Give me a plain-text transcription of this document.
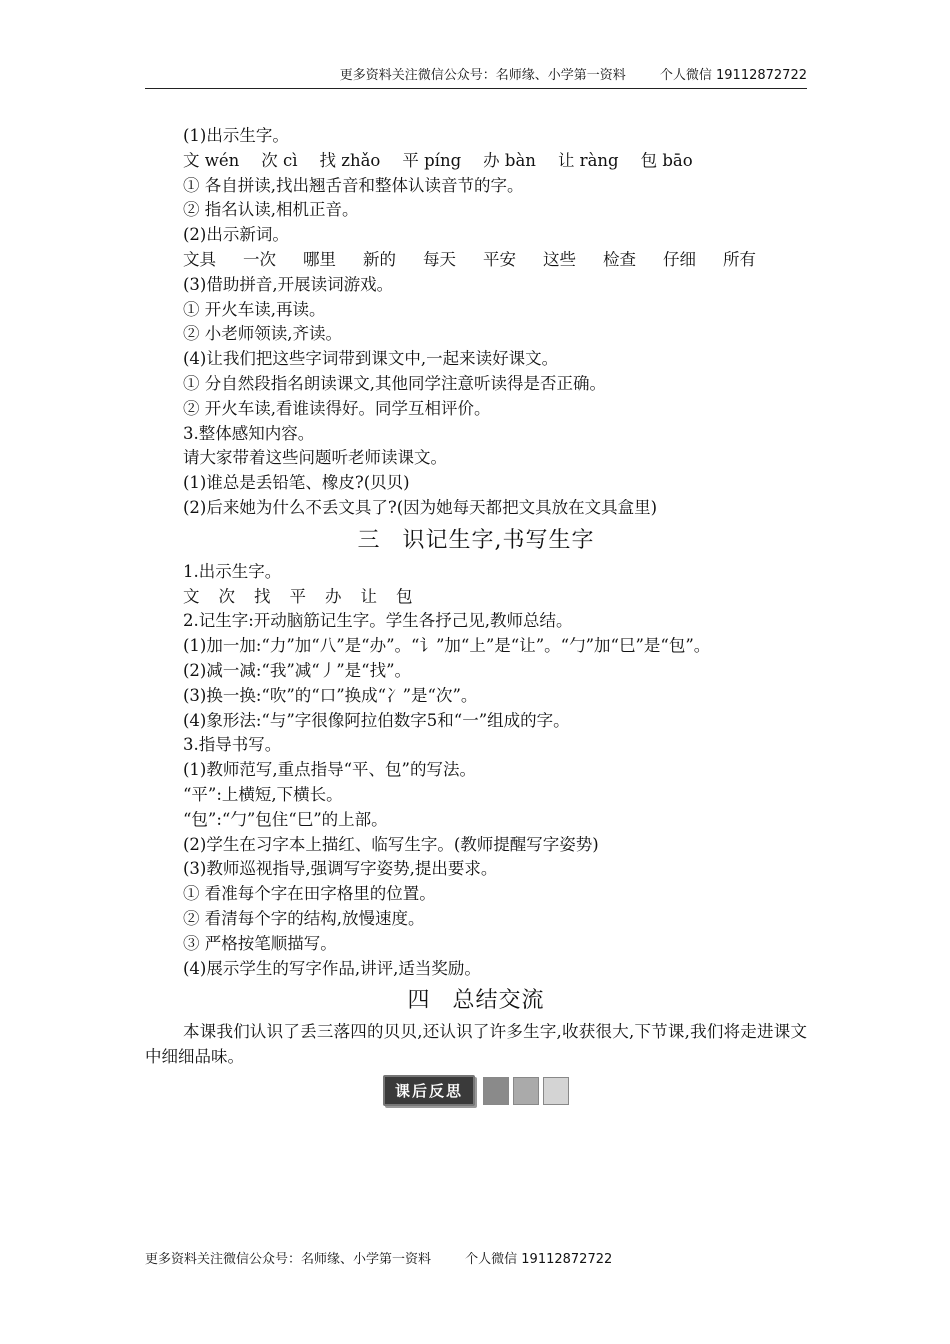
更多资料关注微信公众号：名师缘、小学第一资料	个人微信 19112872722
(1)出示生字。
文 wén 次 cì 找 zhǎo 平 píng 办 bàn 让 ràng 包 bāo
① 各自拼读,找出翘舌音和整体认读音节的字。
② 指名认读,相机正音。
(2)出示新词。
文具 一次 哪里 新的 每天 平安 这些 检查 仔细 所有
(3)借助拼音,开展读词游戏。
① 开火车读,再读。
② 小老师领读,齐读。
(4)让我们把这些字词带到课文中,一起来读好课文。
① 分自然段指名朗读课文,其他同学注意听读得是否正确。
② 开火车读,看谁读得好。同学互相评价。
3.整体感知内容。
请大家带着这些问题听老师读课文。
(1)谁总是丢铅笔、橡皮?(贝贝)
(2)后来她为什么不丢文具了?(因为她每天都把文具放在文具盒里)
三 识记生字,书写生字
1.出示生字。
文 次 找 平 办 让 包
2.记生字:开动脑筋记生字。学生各抒己见,教师总结。
(1)加一加:“力”加“八”是“办”。“讠”加“上”是“让”。“勹”加“巳”是“包”。
(2)减一减:“我”减“丿”是“找”。
(3)换一换:“吹”的“口”换成“冫”是“次”。
(4)象形法:“与”字很像阿拉伯数字5和“一”组成的字。
3.指导书写。
(1)教师范写,重点指导“平、包”的写法。
“平”:上横短,下横长。
“包”:“勹”包住“巳”的上部。
(2)学生在习字本上描红、临写生字。(教师提醒写字姿势)
(3)教师巡视指导,强调写字姿势,提出要求。
① 看准每个字在田字格里的位置。
② 看清每个字的结构,放慢速度。
③ 严格按笔顺描写。
(4)展示学生的写字作品,讲评,适当奖励。
四 总结交流
本课我们认识了丢三落四的贝贝,还认识了许多生字,收获很大,下节课,我们将走进课文中细细品味。
课后反思
更多资料关注微信公众号：名师缘、小学第一资料	个人微信 19112872722
